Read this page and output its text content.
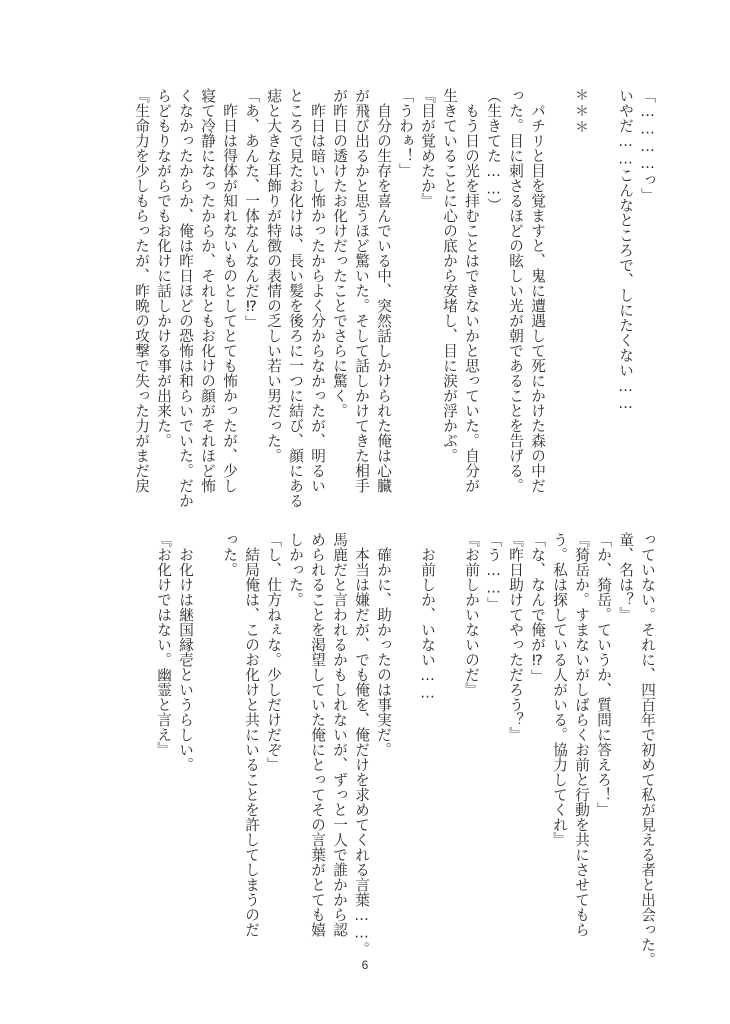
「…………っ」
いやだ……こんなところで、しにたくない……
＊＊＊
　パチリと目を覚ますと、鬼に遭遇して死にかけた森の中だ
った。目に刺さるほどの眩しい光が朝であることを告げる。
（生きてた……）
　もう日の光を拝むことはできないかと思っていた。自分が
生きていることに心の底から安堵し、目に涙が浮かぶ。
『目が覚めたか』
「うわぁ！」
　自分の生存を喜んでいる中、突然話しかけられた俺は心臓
が飛び出るかと思うほど驚いた。そして話しかけてきた相手
が昨日の透けたお化けだったことでさらに驚く。
　昨日は暗いし怖かったからよく分からなかったが、明るい
ところで見たお化けは、長い髪を後ろに一つに結び、顔にある
痣と大きな耳飾りが特徴の表情の乏しい若い男だった。
「あ、あんた、一体なんなんだ⁉」
　昨日は得体が知れないものとしてとても怖かったが、少し
寝て冷静になったからか、それともお化けの顔がそれほど怖
くなかったからか、俺は昨日ほどの恐怖は和らいでいた。だか
らどもりながらでもお化けに話しかける事が出来た。
『生命力を少しもらったが、昨晩の攻撃で失った力がまだ戻
っていない。それに、四百年で初めて私が見える者と出会った。
童、名は？』
「か、猗岳。ていうか、質問に答えろ！」
『猗岳か。すまないがしばらくお前と行動を共にさせてもら
う。私は探している人がいる。協力してくれ』
「な、なんで俺が⁉」
『昨日助けてやっただろう？』
「う……」
『お前しかいないのだ』
　お前しか、いない……
　確かに、助かったのは事実だ。
　本当は嫌だが、でも俺を、俺だけを求めてくれる言葉……。
馬鹿だと言われるかもしれないが、ずっと一人で誰かから認
められることを渇望していた俺にとってその言葉がとても嬉
しかった。
「し、仕方ねぇな。少しだけだぞ」
　結局俺は、このお化けと共にいることを許してしまうのだ
った。
　お化けは継国縁壱というらしい。
『お化けではない。幽霊と言え』
6
